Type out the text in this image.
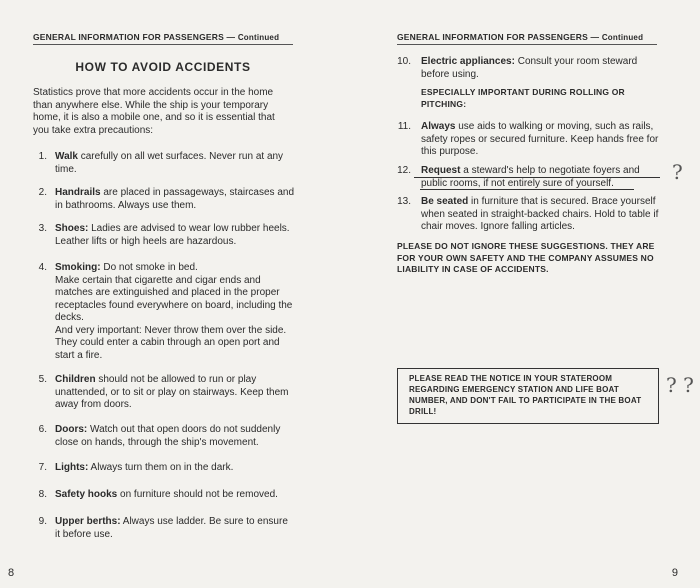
GENERAL INFORMATION FOR PASSENGERS — Continued
HOW TO AVOID ACCIDENTS
Statistics prove that more accidents occur in the home than anywhere else. While the ship is your temporary home, it is also a mobile one, and so it is essential that you take extra precautions:
1. Walk carefully on all wet surfaces. Never run at any time.
2. Handrails are placed in passageways, staircases and in bathrooms. Always use them.
3. Shoes: Ladies are advised to wear low rubber heels. Leather lifts or high heels are hazardous.
4. Smoking: Do not smoke in bed.
Make certain that cigarette and cigar ends and matches are extinguished and placed in the proper receptacles found everywhere on board, including the decks.
And very important: Never throw them over the side. They could enter a cabin through an open port and start a fire.
5. Children should not be allowed to run or play unattended, or to sit or play on stairways. Keep them away from doors.
6. Doors: Watch out that open doors do not suddenly close on hands, through the ship's movement.
7. Lights: Always turn them on in the dark.
8. Safety hooks on furniture should not be removed.
9. Upper berths: Always use ladder. Be sure to ensure it before use.
8
GENERAL INFORMATION FOR PASSENGERS — Continued
10. Electric appliances: Consult your room steward before using.
ESPECIALLY IMPORTANT DURING ROLLING OR PITCHING:
11. Always use aids to walking or moving, such as rails, safety ropes or secured furniture. Keep hands free for this purpose.
12. Request a steward's help to negotiate foyers and public rooms, if not entirely sure of yourself.
13. Be seated in furniture that is secured. Brace yourself when seated in straight-backed chairs. Hold to table if chair moves. Ignore falling articles.
PLEASE DO NOT IGNORE THESE SUGGESTIONS. THEY ARE FOR YOUR OWN SAFETY AND THE COMPANY ASSUMES NO LIABILITY IN CASE OF ACCIDENTS.
PLEASE READ THE NOTICE IN YOUR STATEROOM REGARDING EMERGENCY STATION AND LIFE BOAT NUMBER, AND DON'T FAIL TO PARTICIPATE IN THE BOAT DRILL!
?
? ?
9
